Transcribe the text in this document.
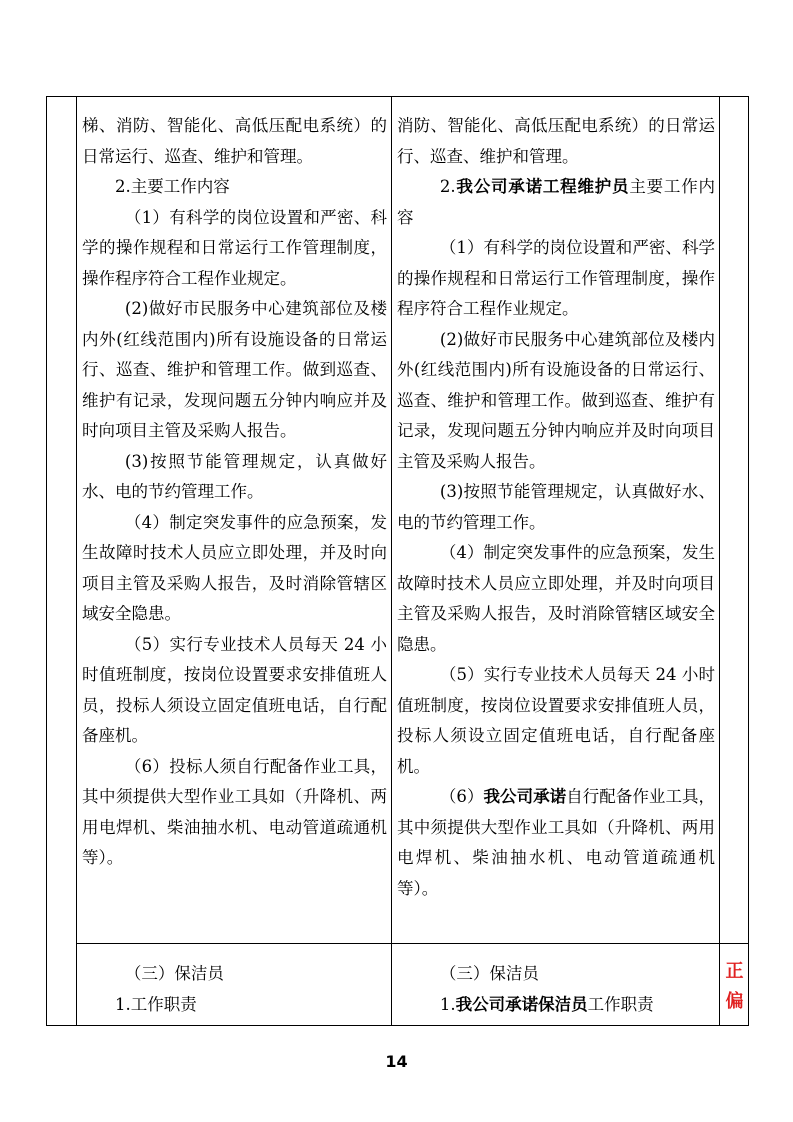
梯、消防、智能化、高低压配电系统）的日常运行、巡查、维护和管理。

2.主要工作内容

（1）有科学的岗位设置和严密、科学的操作规程和日常运行工作管理制度，操作程序符合工程作业规定。

(2)做好市民服务中心建筑部位及楼内外(红线范围内)所有设施设备的日常运行、巡查、维护和管理工作。做到巡查、维护有记录，发现问题五分钟内响应并及时向项目主管及采购人报告。

(3)按照节能管理规定，认真做好水、电的节约管理工作。

（4）制定突发事件的应急预案，发生故障时技术人员应立即处理，并及时向项目主管及采购人报告，及时消除管辖区域安全隐患。

（5）实行专业技术人员每天 24 小时值班制度，按岗位设置要求安排值班人员，投标人须设立固定值班电话，自行配备座机。

（6）投标人须自行配备作业工具，其中须提供大型作业工具如（升降机、两用电焊机、柴油抽水机、电动管道疏通机等）。

消防、智能化、高低压配电系统）的日常运行、巡查、维护和管理。

2.我公司承诺工程维护员主要工作内容

（1）有科学的岗位设置和严密、科学的操作规程和日常运行工作管理制度，操作程序符合工程作业规定。

(2)做好市民服务中心建筑部位及楼内外(红线范围内)所有设施设备的日常运行、巡查、维护和管理工作。做到巡查、维护有记录，发现问题五分钟内响应并及时向项目主管及采购人报告。

(3)按照节能管理规定，认真做好水、电的节约管理工作。

（4）制定突发事件的应急预案，发生故障时技术人员应立即处理，并及时向项目主管及采购人报告，及时消除管辖区域安全隐患。

（5）实行专业技术人员每天 24 小时值班制度，按岗位设置要求安排值班人员，投标人须设立固定值班电话，自行配备座机。

（6）我公司承诺自行配备作业工具，其中须提供大型作业工具如（升降机、两用电焊机、柴油抽水机、电动管道疏通机等）。

（三）保洁员

1.工作职责

（三）保洁员

1.我公司承诺保洁员工作职责

正
偏
14
